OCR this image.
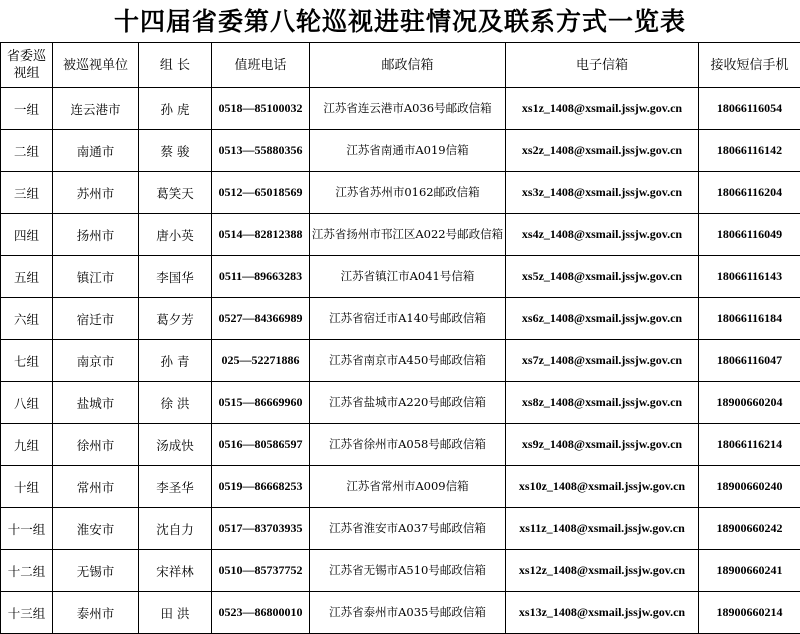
十四届省委第八轮巡视进驻情况及联系方式一览表
省委巡视组	被巡视单位	组 长	值班电话	邮政信箱	电子信箱	接收短信手机
一组	连云港市	孙 虎	0518—85100032	江苏省连云港市A036号邮政信箱	xs1z_1408@xsmail.jssjw.gov.cn	18066116054
二组	南通市	蔡 骏	0513—55880356	江苏省南通市A019信箱	xs2z_1408@xsmail.jssjw.gov.cn	18066116142
三组	苏州市	葛笑天	0512—65018569	江苏省苏州市0162邮政信箱	xs3z_1408@xsmail.jssjw.gov.cn	18066116204
四组	扬州市	唐小英	0514—82812388	江苏省扬州市邗江区A022号邮政信箱	xs4z_1408@xsmail.jssjw.gov.cn	18066116049
五组	镇江市	李国华	0511—89663283	江苏省镇江市A041号信箱	xs5z_1408@xsmail.jssjw.gov.cn	18066116143
六组	宿迁市	葛夕芳	0527—84366989	江苏省宿迁市A140号邮政信箱	xs6z_1408@xsmail.jssjw.gov.cn	18066116184
七组	南京市	孙 青	025—52271886	江苏省南京市A450号邮政信箱	xs7z_1408@xsmail.jssjw.gov.cn	18066116047
八组	盐城市	徐 洪	0515—86669960	江苏省盐城市A220号邮政信箱	xs8z_1408@xsmail.jssjw.gov.cn	18900660204
九组	徐州市	汤成快	0516—80586597	江苏省徐州市A058号邮政信箱	xs9z_1408@xsmail.jssjw.gov.cn	18066116214
十组	常州市	李圣华	0519—86668253	江苏省常州市A009信箱	xs10z_1408@xsmail.jssjw.gov.cn	18900660240
十一组	淮安市	沈自力	0517—83703935	江苏省淮安市A037号邮政信箱	xs11z_1408@xsmail.jssjw.gov.cn	18900660242
十二组	无锡市	宋祥林	0510—85737752	江苏省无锡市A510号邮政信箱	xs12z_1408@xsmail.jssjw.gov.cn	18900660241
十三组	泰州市	田 洪	0523—86800010	江苏省泰州市A035号邮政信箱	xs13z_1408@xsmail.jssjw.gov.cn	18900660214
